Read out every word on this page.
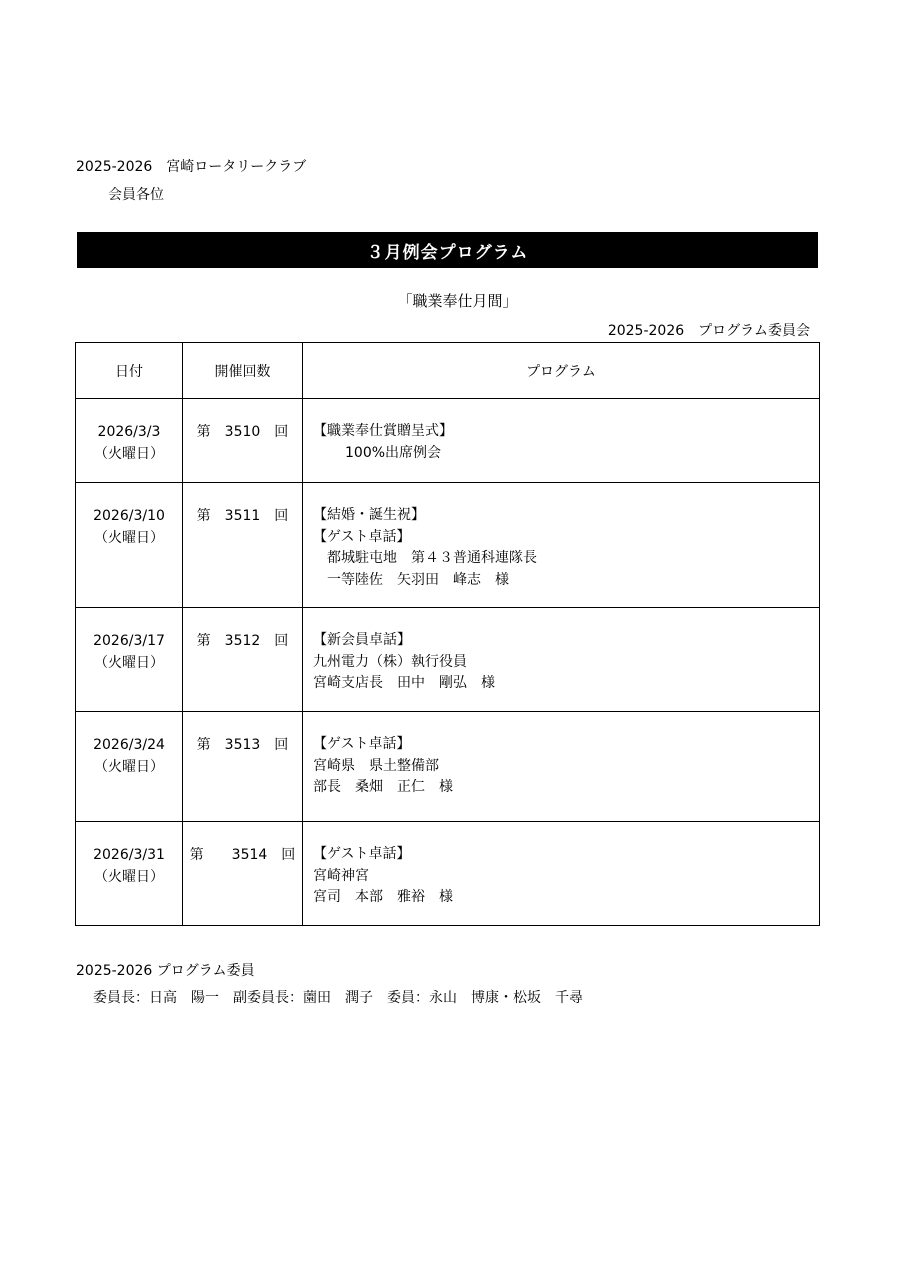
2025-2026　宮崎ロータリークラブ
会員各位
３月例会プログラム
「職業奉仕月間」
2025-2026　プログラム委員会
日付	開催回数	プログラム

2026/3/3
（火曜日）	第　3510　回	【職業奉仕賞贈呈式】
100%出席例会

2026/3/10
（火曜日）	第　3511　回	【結婚・誕生祝】
【ゲスト卓話】
都城駐屯地　第４３普通科連隊長
一等陸佐　矢羽田　峰志　様

2026/3/17
（火曜日）	第　3512　回	【新会員卓話】
九州電力（株）執行役員
宮崎支店長　田中　剛弘　様

2026/3/24
（火曜日）	第　3513　回	【ゲスト卓話】
宮崎県　県土整備部
部長　桑畑　正仁　様

2026/3/31
（火曜日）	第　　3514　回	【ゲスト卓話】
宮崎神宮
宮司　本部　雅裕　様
2025-2026 プログラム委員
委員長：日高　陽一　副委員長：薗田　潤子　委員：永山　博康・松坂　千尋
